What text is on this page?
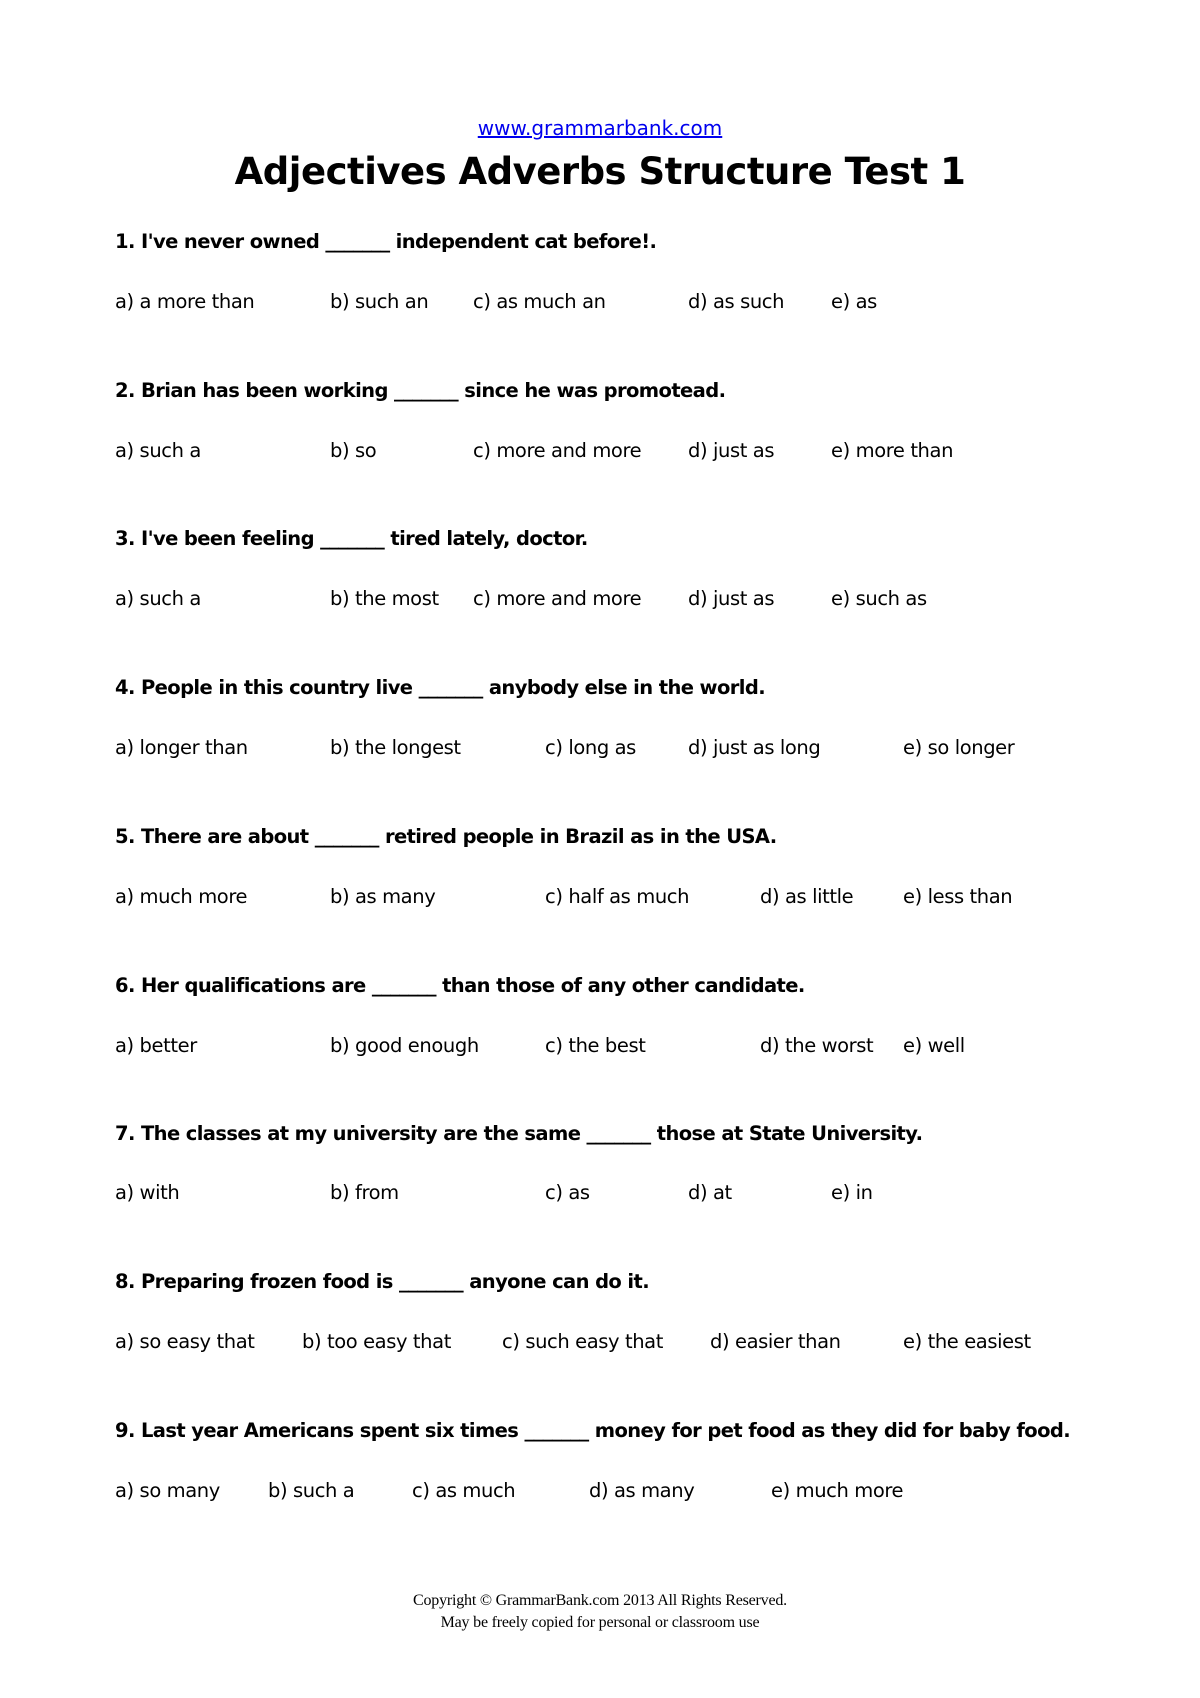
www.grammarbank.com
Adjectives Adverbs Structure Test 1
1. I've never owned _______ independent cat before!.
a) a more than	b) such an c) as much an	d) as such e) as
2. Brian has been working _______ since he was promotead.
a) such a	b) so	c) more and more d) just as	e) more than
3. I've been feeling _______ tired lately, doctor.
a) such a	b) the most c) more and more d) just as	e) such as
4. People in this country live _______ anybody else in the world.
a) longer than	b) the longest	c) long as	d) just as long	e) so longer
5. There are about _______ retired people in Brazil as in the USA.
a) much more	b) as many	c) half as much	d) as little	e) less than
6. Her qualifications are _______ than those of any other candidate.
a) better	b) good enough	c) the best	d) the worst e) well
7. The classes at my university are the same _______ those at State University.
a) with	b) from	c) as	d) at	e) in
8. Preparing frozen food is _______ anyone can do it.
a) so easy that b) too easy that	c) such easy that d) easier than	e) the easiest
9. Last year Americans spent six times _______ money for pet food as they did for baby food.
a) so many b) such a	c) as much	d) as many	e) much more
Copyright © GrammarBank.com 2013 All Rights Reserved.
May be freely copied for personal or classroom use
